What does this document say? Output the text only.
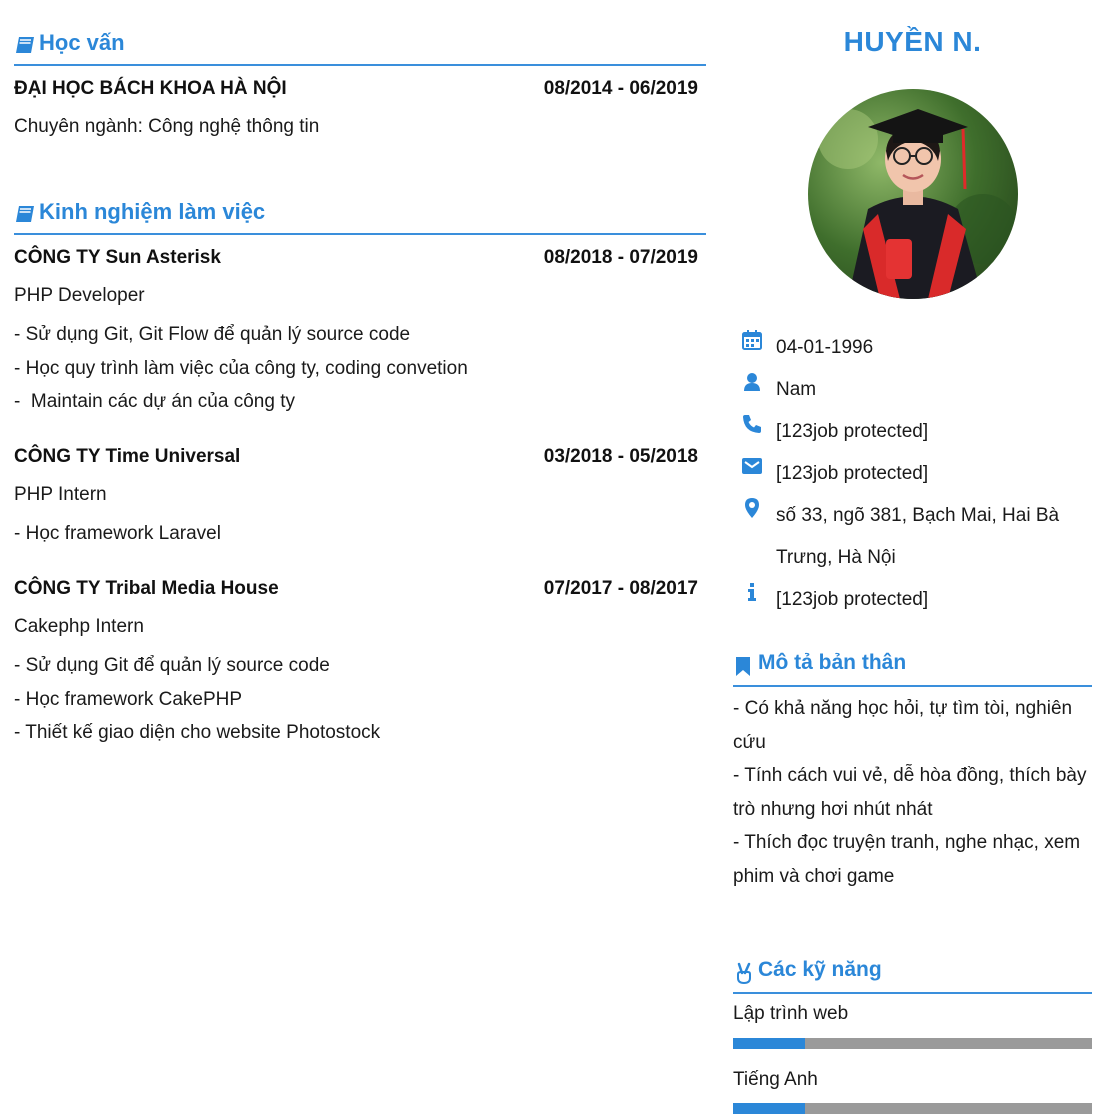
Học vấn
ĐẠI HỌC BÁCH KHOA HÀ NỘI	08/2014 - 06/2019
Chuyên ngành: Công nghệ thông tin
Kinh nghiệm làm việc
CÔNG TY Sun Asterisk	08/2018 - 07/2019
PHP Developer
- Sử dụng Git, Git Flow để quản lý source code
- Học quy trình làm việc của công ty, coding convetion
-  Maintain các dự án của công ty
CÔNG TY Time Universal	03/2018 - 05/2018
PHP Intern
- Học framework Laravel
CÔNG TY Tribal Media House	07/2017 - 08/2017
Cakephp Intern
- Sử dụng Git để quản lý source code
- Học framework CakePHP
- Thiết kế giao diện cho website Photostock
HUYỀN N.
04-01-1996
Nam
[123job protected]
[123job protected]
số 33, ngõ 381, Bạch Mai, Hai Bà Trưng, Hà Nội
[123job protected]
Mô tả bản thân
- Có khả năng học hỏi, tự tìm tòi, nghiên cứu
- Tính cách vui vẻ, dễ hòa đồng, thích bày trò nhưng hơi nhút nhát
- Thích đọc truyện tranh, nghe nhạc, xem phim và chơi game
Các kỹ năng
Lập trình web
Tiếng Anh
